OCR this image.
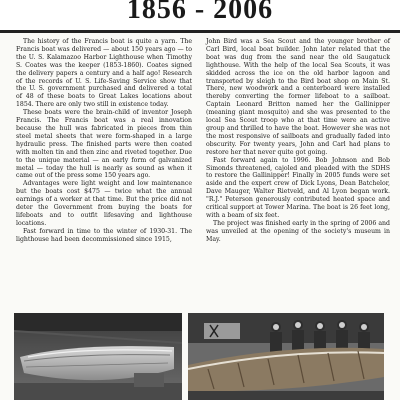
1856 - 2006

The history of the Francis boat is quite a yarn. The Francis boat was delivered — about 150 years ago — to the U. S. Kalamazoo Harbor Lighthouse when Timothy S. Coates was the keeper (1853-1860). Coates signed the delivery papers a century and a half ago! Research of the records of U. S. Life-Saving Service show that the U. S. government purchased and delivered a total of 48 of these boats to Great Lakes locations about 1854. There are only two still in existence today.

These boats were the brain-child of inventor Joseph Francis. The Francis boat was a real innovation because the hull was fabricated in pieces from thin steel metal sheets that were form-shaped in a large hydraulic press. The finished parts were then coated with molten tin and then zinc and riveted together. Due to the unique material — an early form of galvanized metal — today the hull is nearly as sound as when it came out of the press some 150 years ago.

Advantages were light weight and low maintenance but the boats cost $475 — twice what the annual earnings of a worker at that time. But the price did not deter the Government from buying the boats for lifeboats and to outfit lifesaving and lighthouse locations.

Fast forward in time to the winter of 1930-31. The lighthouse had been decommissioned since 1915,

John Bird was a Sea Scout and the younger brother of Carl Bird, local boat builder. John later related that the boat was dug from the sand near the old Saugatuck lighthouse. With the help of the local Sea Scouts, it was skidded across the ice on the old harbor lagoon and transported by sleigh to the Bird boat shop on Main St. There, new woodwork and a centerboard were installed thereby converting the former lifeboat to a sailboat. Captain Leonard Britton named her the Gallinipper (meaning giant mosquito) and she was presented to the local Sea Scout troop who at that time were an active group and thrilled to have the boat. However she was not the most responsive of sailboats and gradually faded into obscurity. For twenty years, John and Carl had plans to restore her that never quite got going.

Fast forward again to 1996. Bob Johnson and Bob Simonds threatened, cajoled and pleaded with the SDHS to restore the Gallinipper! Finally in 2005 funds were set aside and the expert crew of Dick Lyons, Dean Batchelor, Dave Mauger, Walter Rietveld, and Al Lyon began work. "R.J." Peterson generously contributed heated space and critical support at Tower Marina. The boat is 26 feet long, with a beam of six feet.

The project was finished early in the spring of 2006 and was unveiled at the opening of the society's museum in May.
